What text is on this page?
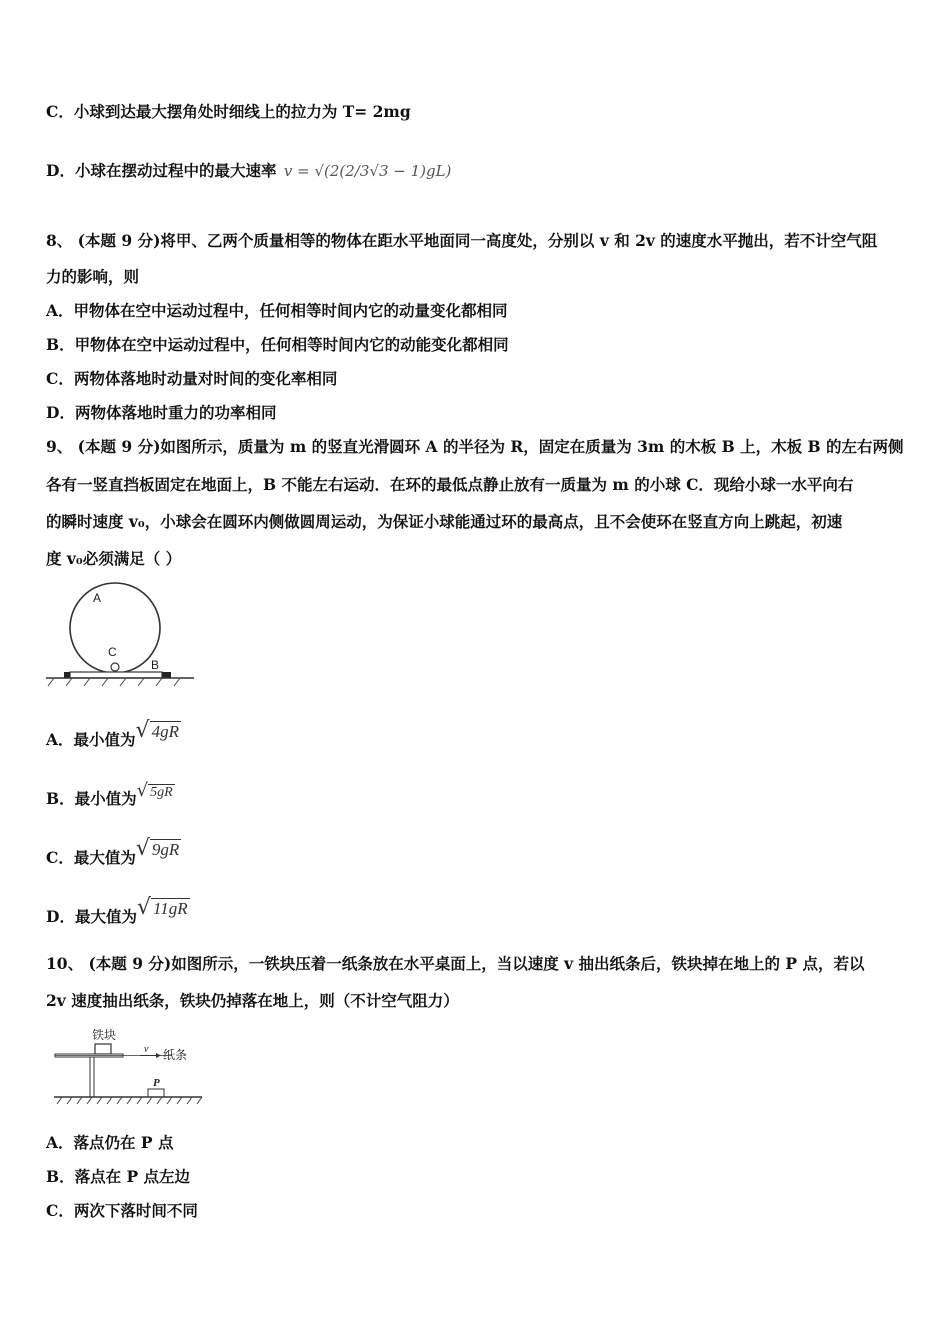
C．小球到达最大摆角处时细线上的拉力为 T= 2mg
D．小球在摆动过程中的最大速率 v = √(2(2/3√3 − 1)gL)
8、 (本题 9 分)将甲、乙两个质量相等的物体在距水平地面同一高度处，分别以 v 和 2v 的速度水平抛出，若不计空气阻
力的影响，则
A．甲物体在空中运动过程中，任何相等时间内它的动量变化都相同
B．甲物体在空中运动过程中，任何相等时间内它的动能变化都相同
C．两物体落地时动量对时间的变化率相同
D．两物体落地时重力的功率相同
9、 (本题 9 分)如图所示，质量为 m 的竖直光滑圆环 A 的半径为 R，固定在质量为 3m 的木板 B 上，木板 B 的左右两侧
各有一竖直挡板固定在地面上，B 不能左右运动．在环的最低点静止放有一质量为 m 的小球 C．现给小球一水平向右
的瞬时速度 v₀，小球会在圆环内侧做圆周运动，为保证小球能通过环的最高点，且不会使环在竖直方向上跳起，初速
度 v₀必须满足（ ）
A
C
B
A．最小值为√ 4gR
B．最小值为√ 5gR
C．最大值为√ 9gR
D．最大值为√ 11gR
10、 (本题 9 分)如图所示，一铁块压着一纸条放在水平桌面上，当以速度 v 抽出纸条后，铁块掉在地上的 P 点，若以
2v 速度抽出纸条，铁块仍掉落在地上，则（不计空气阻力）
铁块
v 纸条
P
A．落点仍在 P 点
B．落点在 P 点左边
C．两次下落时间不同
